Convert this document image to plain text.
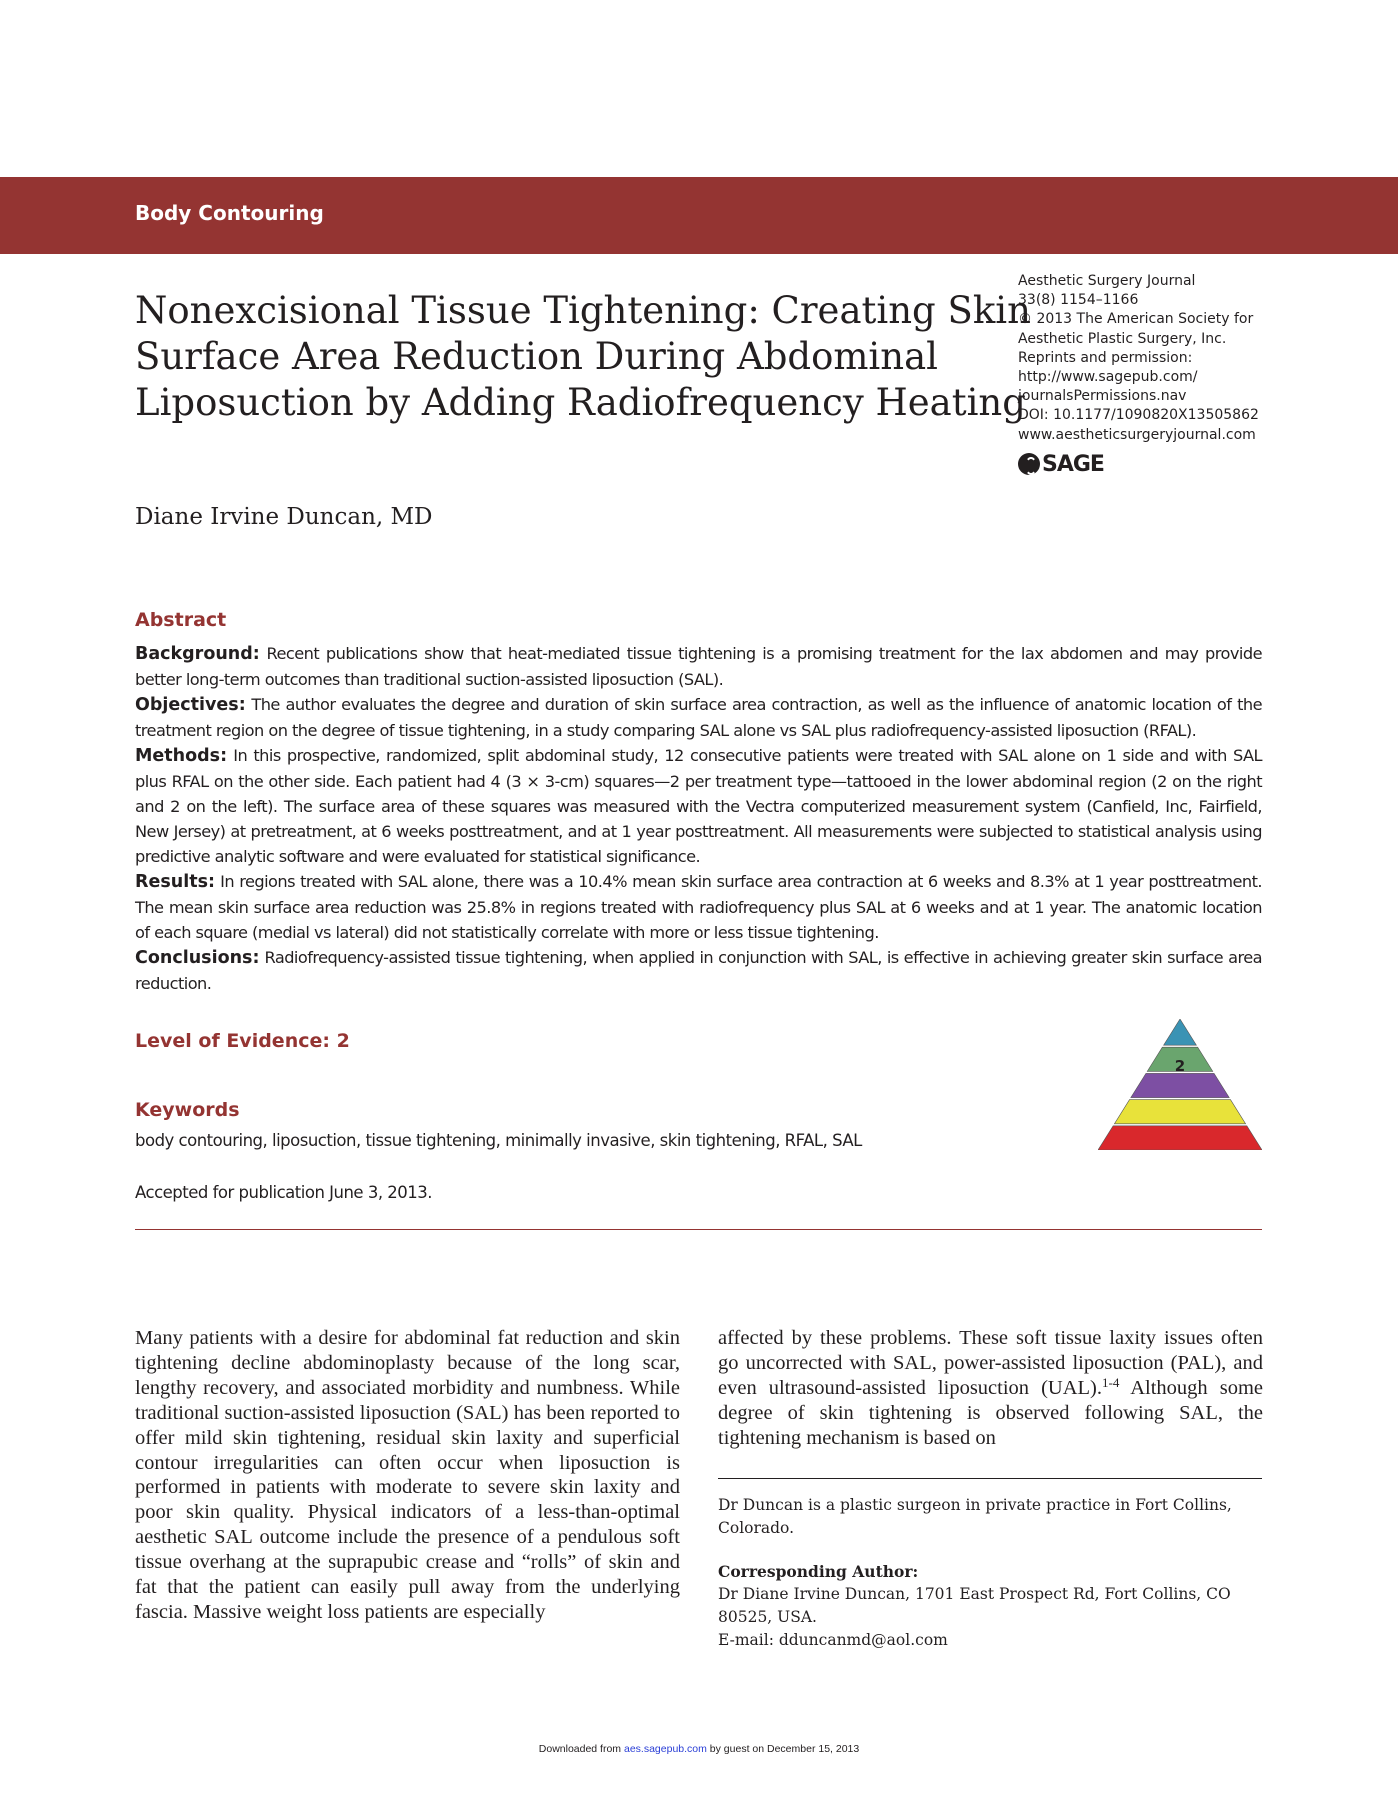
Body Contouring
Nonexcisional Tissue Tightening: Creating Skin
Surface Area Reduction During Abdominal
Liposuction by Adding Radiofrequency Heating
Aesthetic Surgery Journal
33(8) 1154–1166
© 2013 The American Society for
Aesthetic Plastic Surgery, Inc.
Reprints and permission:
http://www.sagepub.com/
journalsPermissions.nav
DOI: 10.1177/1090820X13505862
www.aestheticsurgeryjournal.com
SAGE
Diane Irvine Duncan, MD
Abstract

Background: Recent publications show that heat-mediated tissue tightening is a promising treatment for the lax abdomen and may provide better long-term outcomes than traditional suction-assisted liposuction (SAL).

Objectives: The author evaluates the degree and duration of skin surface area contraction, as well as the influence of anatomic location of the treatment region on the degree of tissue tightening, in a study comparing SAL alone vs SAL plus radiofrequency-assisted liposuction (RFAL).

Methods: In this prospective, randomized, split abdominal study, 12 consecutive patients were treated with SAL alone on 1 side and with SAL plus RFAL on the other side. Each patient had 4 (3 × 3-cm) squares—2 per treatment type—tattooed in the lower abdominal region (2 on the right and 2 on the left). The surface area of these squares was measured with the Vectra computerized measurement system (Canfield, Inc, Fairfield, New Jersey) at pretreatment, at 6 weeks posttreatment, and at 1 year posttreatment. All measurements were subjected to statistical analysis using predictive analytic software and were evaluated for statistical significance.

Results: In regions treated with SAL alone, there was a 10.4% mean skin surface area contraction at 6 weeks and 8.3% at 1 year posttreatment. The mean skin surface area reduction was 25.8% in regions treated with radiofrequency plus SAL at 6 weeks and at 1 year. The anatomic location of each square (medial vs lateral) did not statistically correlate with more or less tissue tightening.

Conclusions: Radiofrequency-assisted tissue tightening, when applied in conjunction with SAL, is effective in achieving greater skin surface area reduction.

Level of Evidence: 2
2
Keywords
body contouring, liposuction, tissue tightening, minimally invasive, skin tightening, RFAL, SAL
Accepted for publication June 3, 2013.

Many patients with a desire for abdominal fat reduction and skin tightening decline abdominoplasty because of the long scar, lengthy recovery, and associated morbidity and numbness. While traditional suction-assisted liposuction (SAL) has been reported to offer mild skin tightening, residual skin laxity and superficial contour irregularities can often occur when liposuction is performed in patients with moderate to severe skin laxity and poor skin quality. Physical indicators of a less-than-optimal aesthetic SAL outcome include the presence of a pendulous soft tissue overhang at the suprapubic crease and “rolls” of skin and fat that the patient can easily pull away from the underlying fascia. Massive weight loss patients are especially

affected by these problems. These soft tissue laxity issues often go uncorrected with SAL, power-assisted liposuction (PAL), and even ultrasound-assisted liposuction (UAL).$^{1-4}$ Although some degree of skin tightening is observed following SAL, the tightening mechanism is based on

Dr Duncan is a plastic surgeon in private practice in Fort Collins, Colorado.

Corresponding Author:

Dr Diane Irvine Duncan, 1701 East Prospect Rd, Fort Collins, CO

80525, USA.

E-mail: dduncanmd@aol.com

Downloaded from aes.sagepub.com by guest on December 15, 2013
